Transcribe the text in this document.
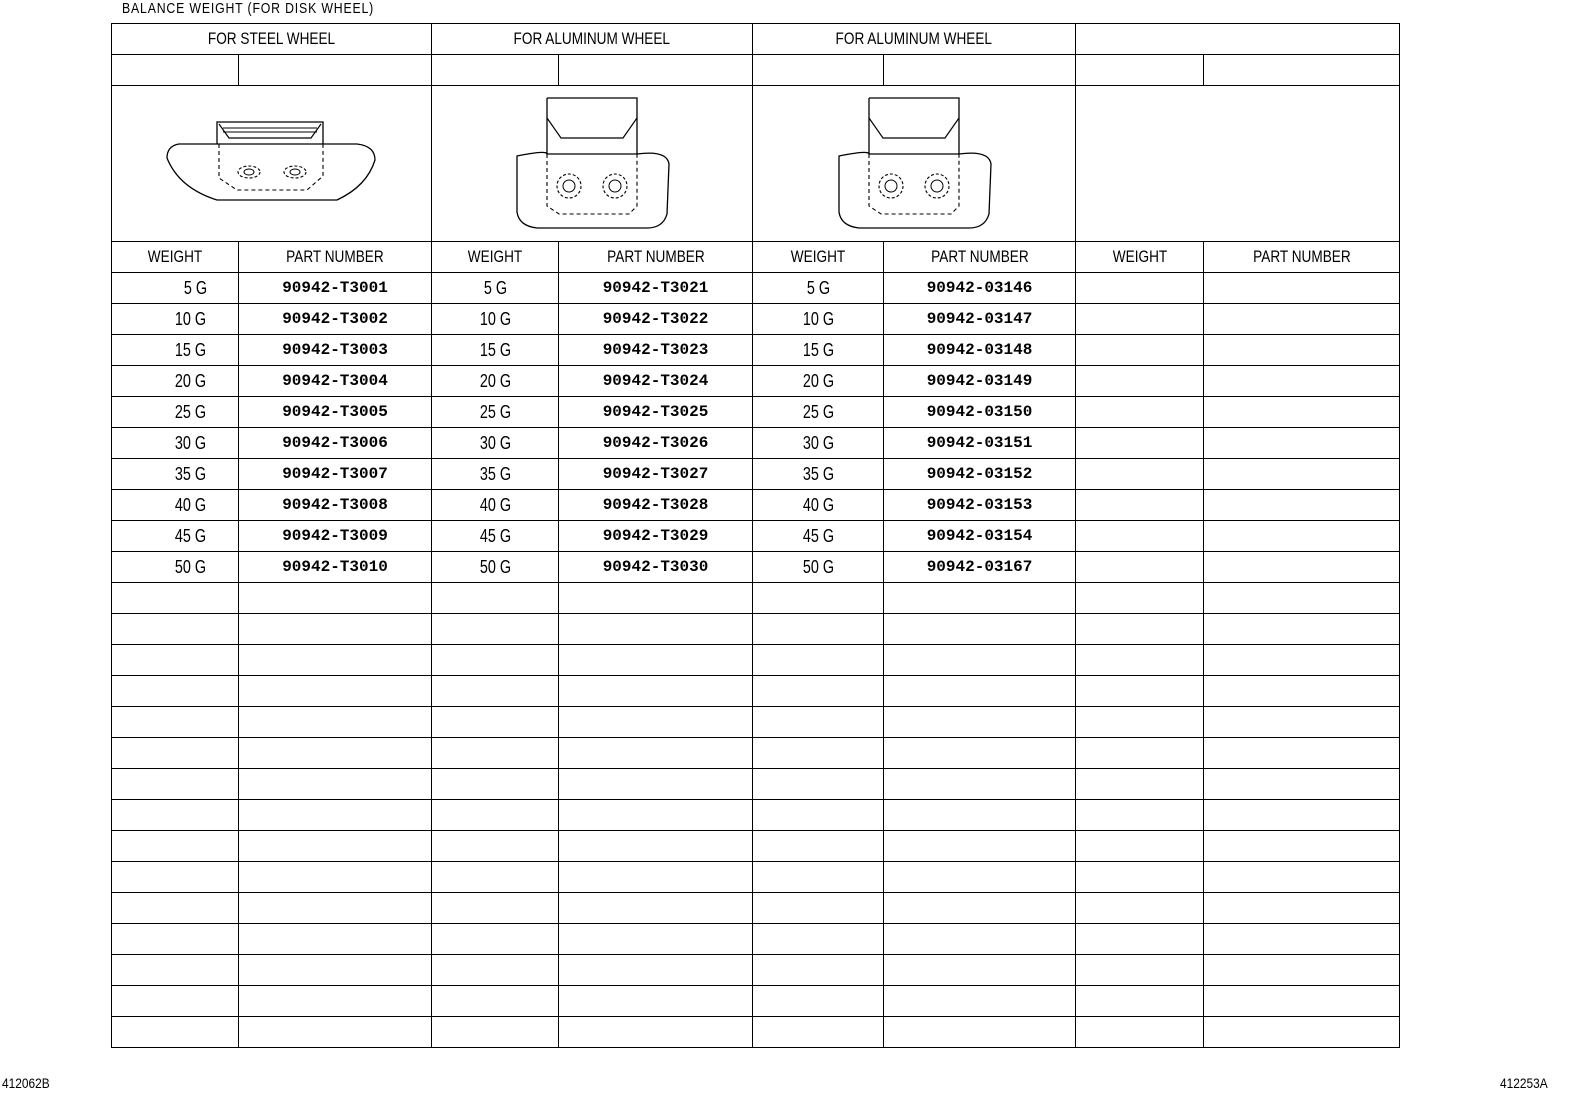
BALANCE WEIGHT (FOR DISK WHEEL)
FOR STEEL WHEEL		FOR ALUMINUM WHEEL		FOR ALUMINUM WHEEL			

WEIGHT	PART NUMBER	WEIGHT	PART NUMBER	WEIGHT	PART NUMBER	WEIGHT	PART NUMBER
5 G	90942-T3001	5 G	90942-T3021	5 G	90942-03146		
10 G	90942-T3002	10 G	90942-T3022	10 G	90942-03147		
15 G	90942-T3003	15 G	90942-T3023	15 G	90942-03148		
20 G	90942-T3004	20 G	90942-T3024	20 G	90942-03149		
25 G	90942-T3005	25 G	90942-T3025	25 G	90942-03150		
30 G	90942-T3006	30 G	90942-T3026	30 G	90942-03151		
35 G	90942-T3007	35 G	90942-T3027	35 G	90942-03152		
40 G	90942-T3008	40 G	90942-T3028	40 G	90942-03153		
45 G	90942-T3009	45 G	90942-T3029	45 G	90942-03154		
50 G	90942-T3010	50 G	90942-T3030	50 G	90942-03167		

412062B	412253A
